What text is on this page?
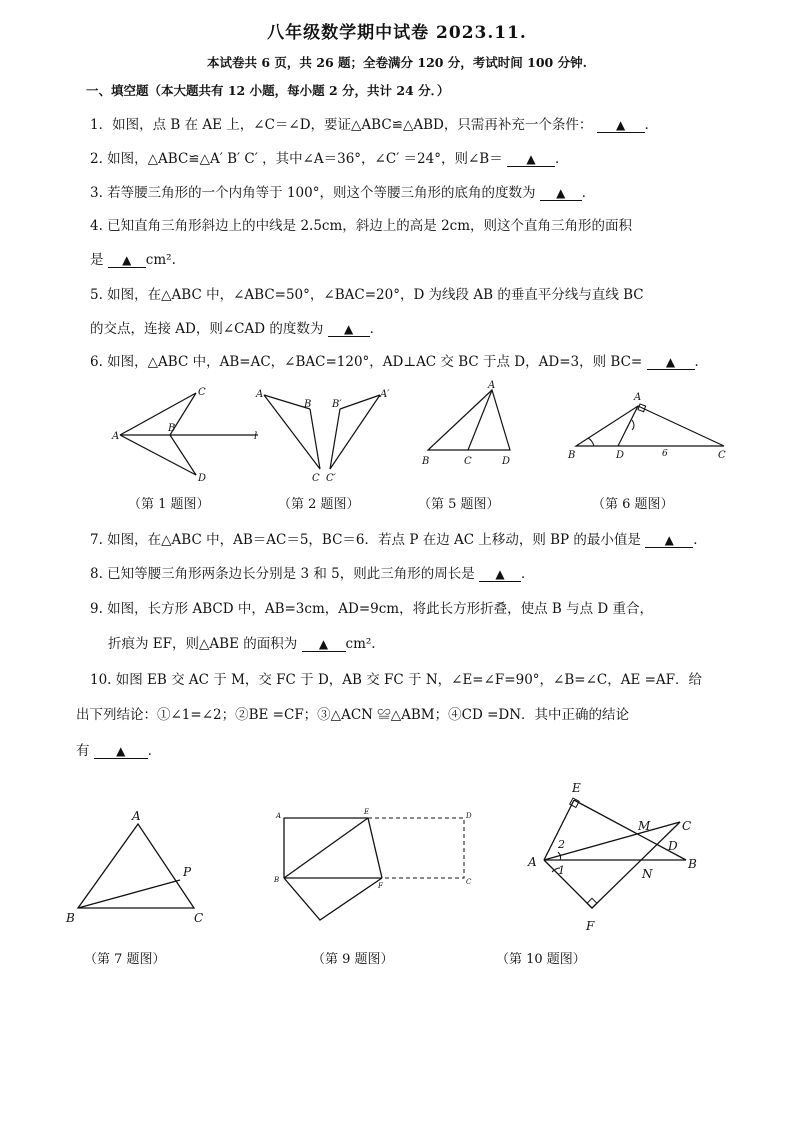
八年级数学期中试卷 2023.11.
本试卷共 6 页，共 26 题；全卷满分 120 分，考试时间 100 分钟.
一、填空题（本大题共有 12 小题，每小题 2 分，共计 24 分．）
1．如图，点 B 在 AE 上，∠C＝∠D，要证△ABC≌△ABD，只需再补充一个条件： ▲ ．
2. 如图，△ABC≌△A′ B′ C′ ，其中∠A＝36°，∠C′ ＝24°，则∠B＝ ▲ ．
3. 若等腰三角形的一个内角等于 100°，则这个等腰三角形的底角的度数为 ▲ ．
4. 已知直角三角形斜边上的中线是 2.5cm，斜边上的高是 2cm，则这个直角三角形的面积
是 ▲ cm².
5. 如图，在△ABC 中，∠ABC=50°，∠BAC=20°，D 为线段 AB 的垂直平分线与直线 BC
的交点，连接 AD，则∠CAD 的度数为 ▲ ．
6. 如图，△ABC 中，AB=AC，∠BAC=120°，AD⊥AC 交 BC 于点 D，AD=3，则 BC= ▲ ．
A
B
C
D
l
（第 1 题图）
A
B
C
A′
B′
C′
（第 2 题图）
A
B	C	D
（第 5 题图）
A
B	D	6	C
（第 6 题图）
7. 如图，在△ABC 中，AB＝AC＝5，BC＝6．若点 P 在边 AC 上移动，则 BP 的最小值是 ▲ ．
8. 已知等腰三角形两条边长分别是 3 和 5，则此三角形的周长是 ▲ ．
9. 如图，长方形 ABCD 中，AB=3cm，AD=9cm，将此长方形折叠，使点 B 与点 D 重合，
折痕为 EF，则△ABE 的面积为 ▲ cm².
10. 如图 EB 交 AC 于 M，交 FC 于 D，AB 交 FC 于 N，∠E=∠F=90°，∠B=∠C，AE =AF．给
出下列结论：①∠1=∠2；②BE =CF；③△ACN ≌△ABM；④CD =DN．其中正确的结论
有 ▲ ．
A
B	C
P
（第 7 题图）
A
B
E
F
D
C
（第 9 题图）
E
A
2
1
M	C
D
B
N
F
（第 10 题图）
